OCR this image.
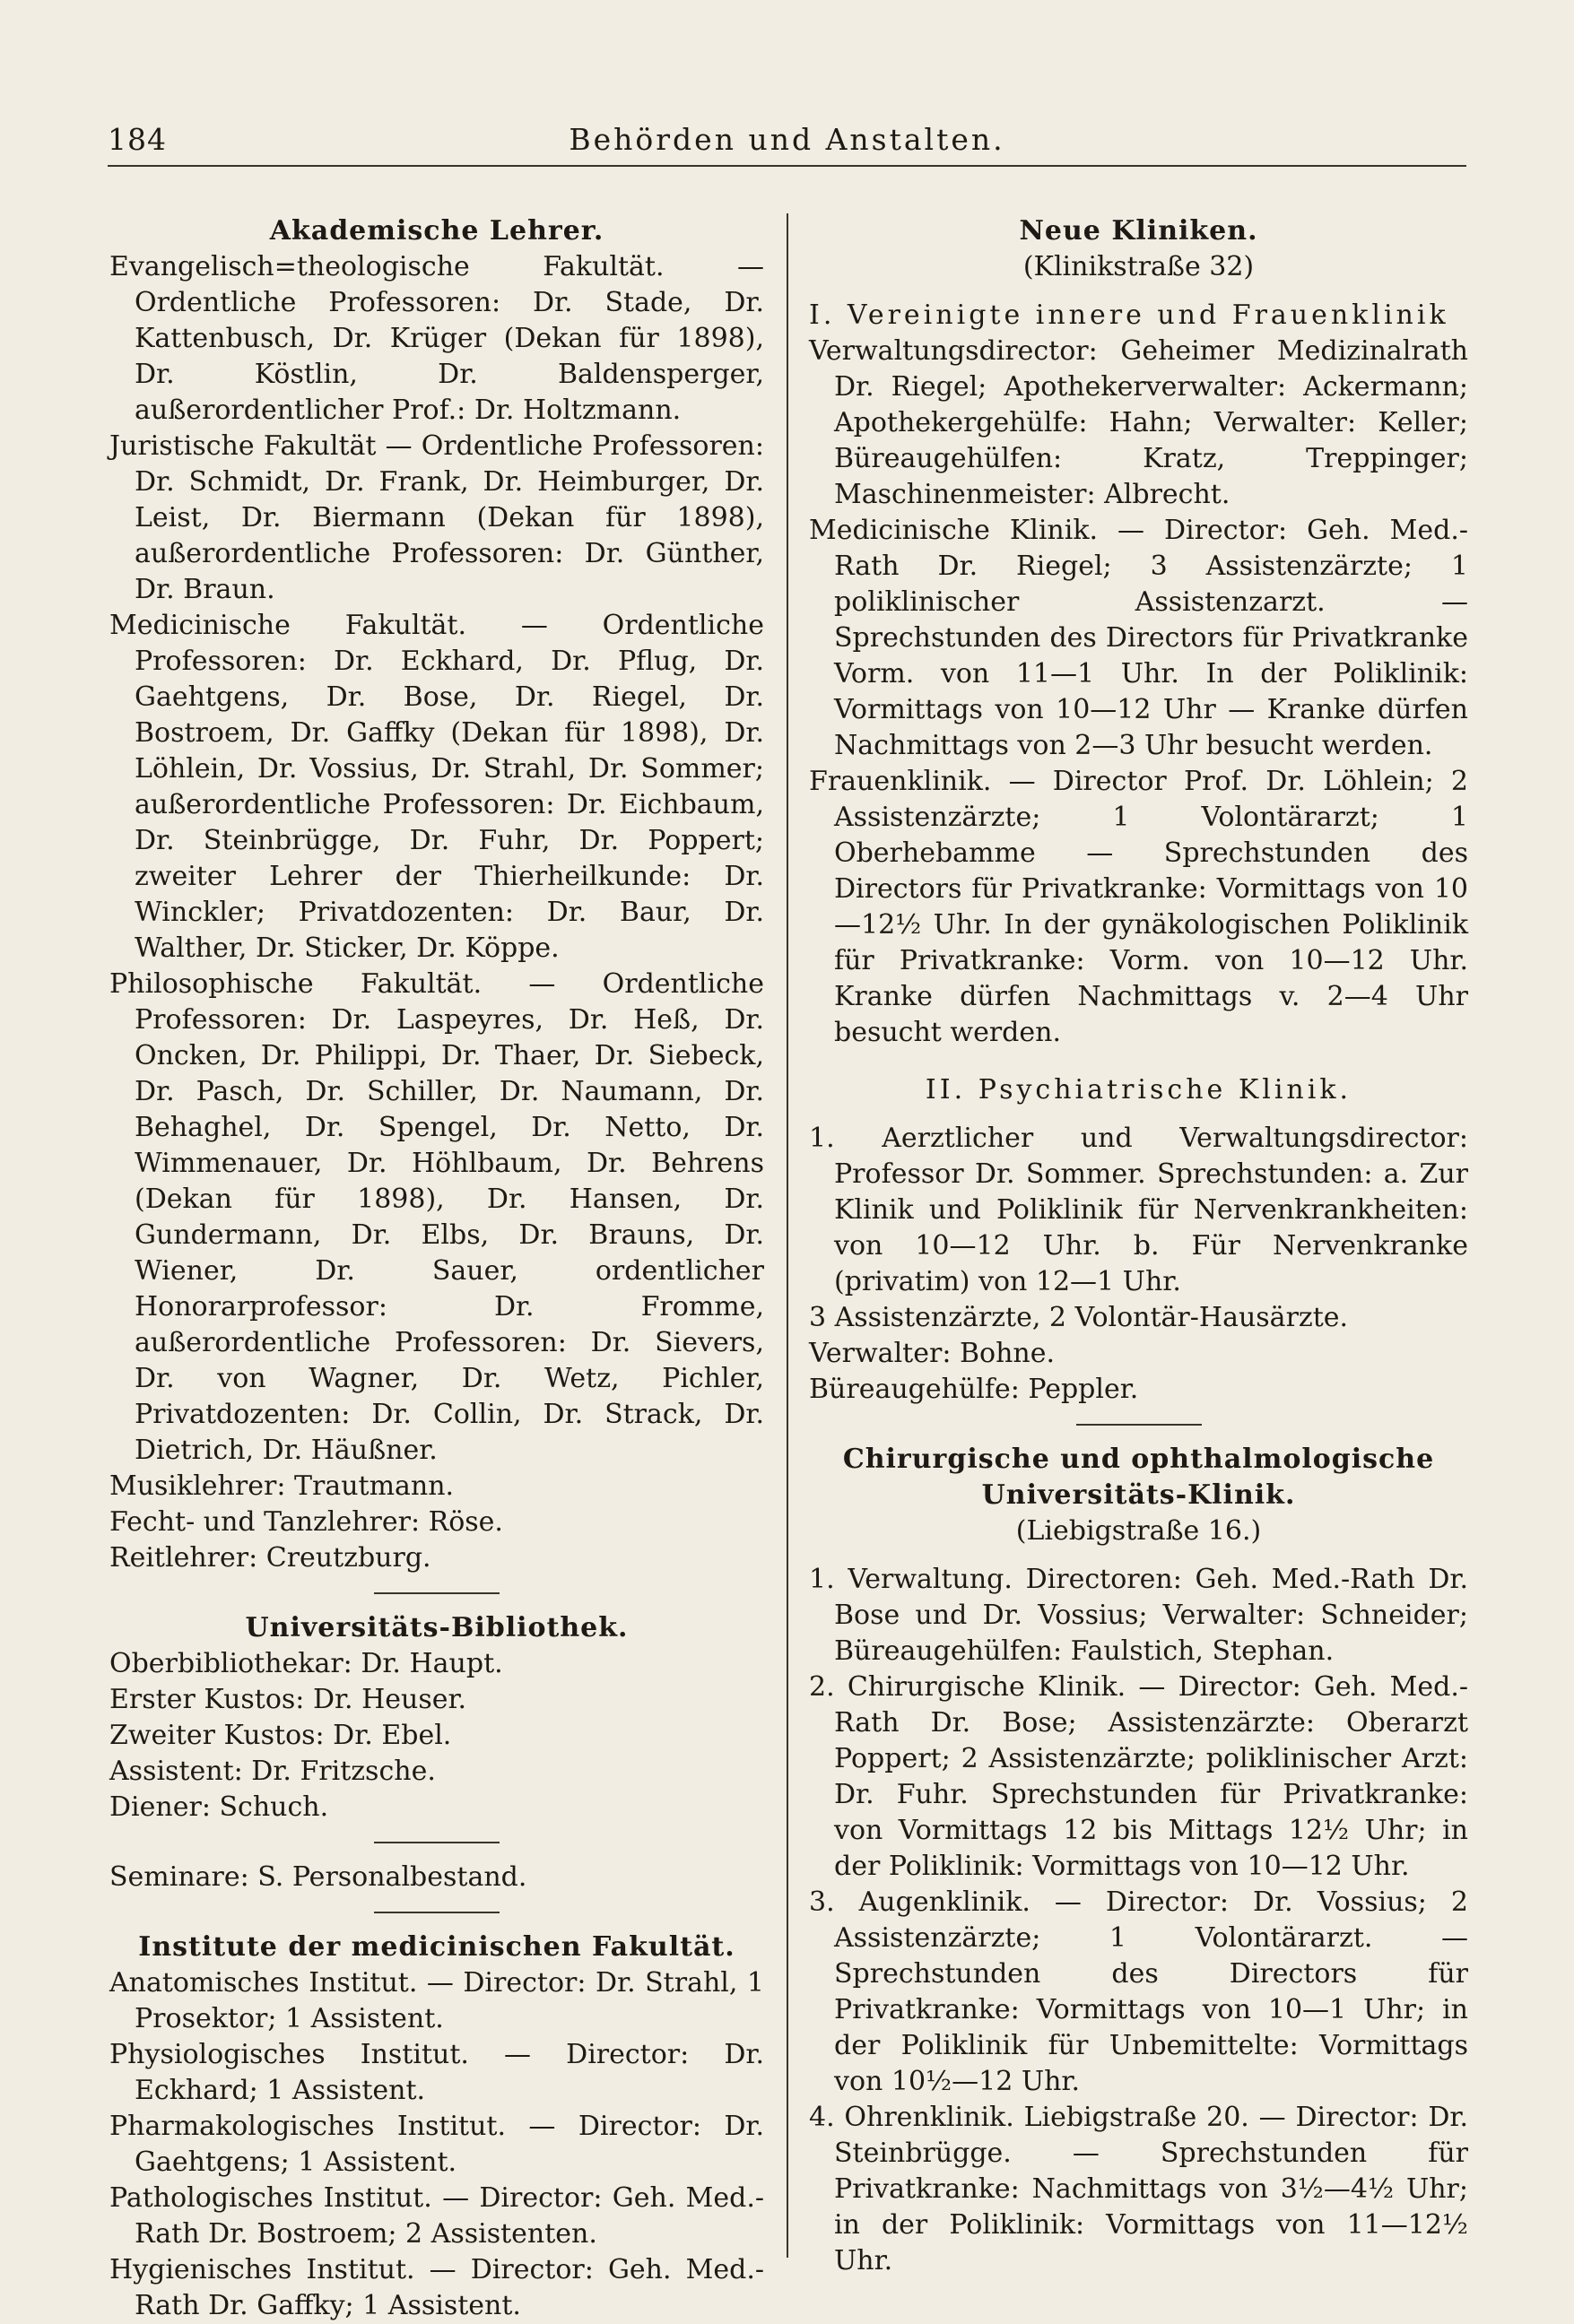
184	Behörden und Anstalten.

Akademische Lehrer.

Evangelisch=theologische Fakultät. — Ordentliche Professoren: Dr. Stade, Dr. Kattenbusch, Dr. Krüger (Dekan für 1898), Dr. Köstlin, Dr. Baldensperger, außerordentlicher Prof.: Dr. Holtzmann.

Juristische Fakultät — Ordentliche Professoren: Dr. Schmidt, Dr. Frank, Dr. Heimburger, Dr. Leist, Dr. Biermann (Dekan für 1898), außerordentliche Professoren: Dr. Günther, Dr. Braun.

Medicinische Fakultät. — Ordentliche Professoren: Dr. Eckhard, Dr. Pflug, Dr. Gaehtgens, Dr. Bose, Dr. Riegel, Dr. Bostroem, Dr. Gaffky (Dekan für 1898), Dr. Löhlein, Dr. Vossius, Dr. Strahl, Dr. Sommer; außerordentliche Professoren: Dr. Eichbaum, Dr. Steinbrügge, Dr. Fuhr, Dr. Poppert; zweiter Lehrer der Thierheilkunde: Dr. Winckler; Privatdozenten: Dr. Baur, Dr. Walther, Dr. Sticker, Dr. Köppe.

Philosophische Fakultät. — Ordentliche Professoren: Dr. Laspeyres, Dr. Heß, Dr. Oncken, Dr. Philippi, Dr. Thaer, Dr. Siebeck, Dr. Pasch, Dr. Schiller, Dr. Naumann, Dr. Behaghel, Dr. Spengel, Dr. Netto, Dr. Wimmenauer, Dr. Höhlbaum, Dr. Behrens (Dekan für 1898), Dr. Hansen, Dr. Gundermann, Dr. Elbs, Dr. Brauns, Dr. Wiener, Dr. Sauer, ordentlicher Honorarprofessor: Dr. Fromme, außerordentliche Professoren: Dr. Sievers, Dr. von Wagner, Dr. Wetz, Pichler, Privatdozenten: Dr. Collin, Dr. Strack, Dr. Dietrich, Dr. Häußner.

Musiklehrer: Trautmann.

Fecht- und Tanzlehrer: Röse.

Reitlehrer: Creutzburg.

Universitäts-Bibliothek.

Oberbibliothekar: Dr. Haupt.

Erster Kustos: Dr. Heuser.

Zweiter Kustos: Dr. Ebel.

Assistent: Dr. Fritzsche.

Diener: Schuch.

Seminare: S. Personalbestand.

Institute der medicinischen Fakultät.

Anatomisches Institut. — Director: Dr. Strahl, 1 Prosektor; 1 Assistent.

Physiologisches Institut. — Director: Dr. Eckhard; 1 Assistent.

Pharmakologisches Institut. — Director: Dr. Gaehtgens; 1 Assistent.

Pathologisches Institut. — Director: Geh. Med.-Rath Dr. Bostroem; 2 Assistenten.

Hygienisches Institut. — Director: Geh. Med.-Rath Dr. Gaffky; 1 Assistent.

Neue Kliniken.

(Klinikstraße 32)

I. Vereinigte innere und Frauenklinik

Verwaltungsdirector: Geheimer Medizinalrath Dr. Riegel; Apothekerverwalter: Ackermann; Apothekergehülfe: Hahn; Verwalter: Keller; Büreaugehülfen: Kratz, Treppinger; Maschinenmeister: Albrecht.

Medicinische Klinik. — Director: Geh. Med.-Rath Dr. Riegel; 3 Assistenzärzte; 1 poliklinischer Assistenzarzt. — Sprechstunden des Directors für Privatkranke Vorm. von 11—1 Uhr. In der Poliklinik: Vormittags von 10—12 Uhr — Kranke dürfen Nachmittags von 2—3 Uhr besucht werden.

Frauenklinik. — Director Prof. Dr. Löhlein; 2 Assistenzärzte; 1 Volontärarzt; 1 Oberhebamme — Sprechstunden des Directors für Privatkranke: Vormittags von 10—12½ Uhr. In der gynäkologischen Poliklinik für Privatkranke: Vorm. von 10—12 Uhr. Kranke dürfen Nachmittags v. 2—4 Uhr besucht werden.

II. Psychiatrische Klinik.

1. Aerztlicher und Verwaltungsdirector: Professor Dr. Sommer. Sprechstunden: a. Zur Klinik und Poliklinik für Nervenkrankheiten: von 10—12 Uhr. b. Für Nervenkranke (privatim) von 12—1 Uhr.

3 Assistenzärzte, 2 Volontär-Hausärzte.

Verwalter: Bohne.

Büreaugehülfe: Peppler.

Chirurgische und ophthalmologische

Universitäts-Klinik.

(Liebigstraße 16.)

1. Verwaltung. Directoren: Geh. Med.-Rath Dr. Bose und Dr. Vossius; Verwalter: Schneider; Büreaugehülfen: Faulstich, Stephan.

2. Chirurgische Klinik. — Director: Geh. Med.-Rath Dr. Bose; Assistenzärzte: Oberarzt Poppert; 2 Assistenzärzte; poliklinischer Arzt: Dr. Fuhr. Sprechstunden für Privatkranke: von Vormittags 12 bis Mittags 12½ Uhr; in der Poliklinik: Vormittags von 10—12 Uhr.

3. Augenklinik. — Director: Dr. Vossius; 2 Assistenzärzte; 1 Volontärarzt. — Sprechstunden des Directors für Privatkranke: Vormittags von 10—1 Uhr; in der Poliklinik für Unbemittelte: Vormittags von 10½—12 Uhr.

4. Ohrenklinik. Liebigstraße 20. — Director: Dr. Steinbrügge. — Sprechstunden für Privatkranke: Nachmittags von 3½—4½ Uhr; in der Poliklinik: Vormittags von 11—12½ Uhr.
